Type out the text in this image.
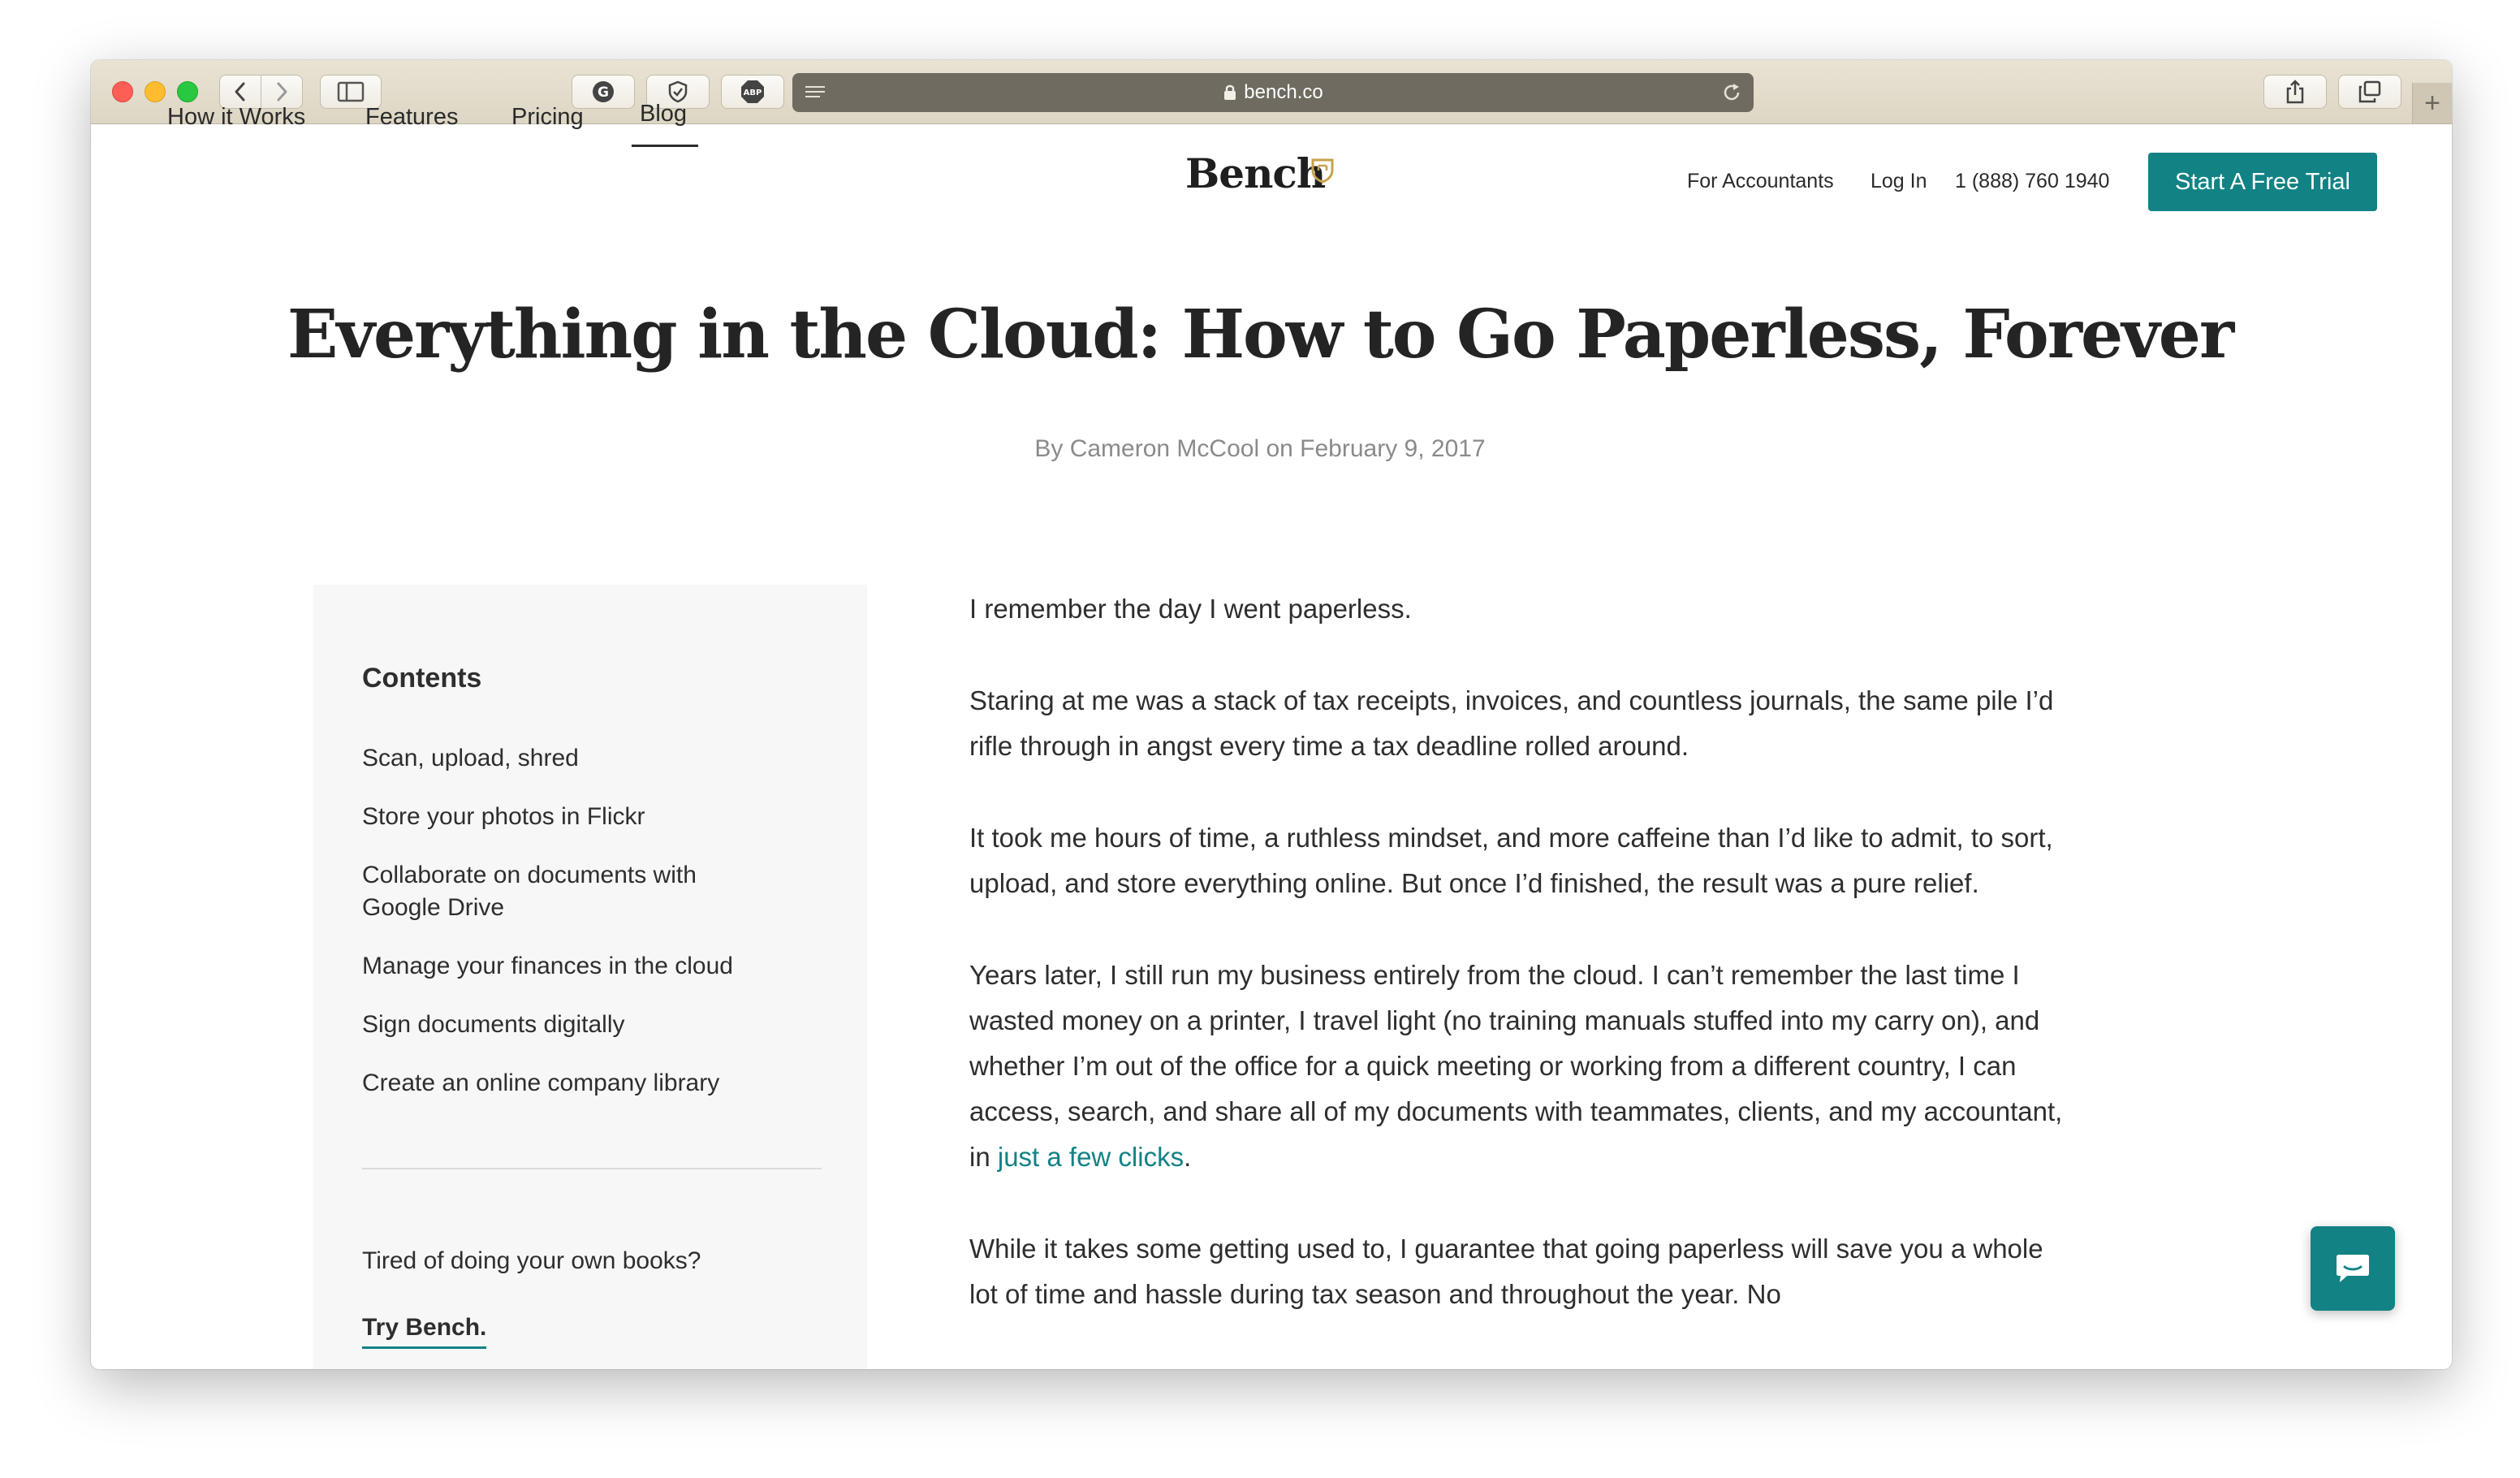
G	ABP	bench.co	+
How it Works	Features Pricing Blog
Bench	For Accountants Log In 1 (888) 760 1940	Start A Free Trial
Everything in the Cloud: How to Go Paperless, Forever
By Cameron McCool on February 9, 2017
Contents
Scan, upload, shred
Store your photos in Flickr
Collaborate on documents with Google Drive
Manage your finances in the cloud
Sign documents digitally
Create an online company library
Tired of doing your own books?
Try Bench.

I remember the day I went paperless.

Staring at me was a stack of tax receipts, invoices, and countless journals, the same pile I’d rifle through in angst every time a tax deadline rolled around.

It took me hours of time, a ruthless mindset, and more caffeine than I’d like to admit, to sort, upload, and store everything online. But once I’d finished, the result was a pure relief.

Years later, I still run my business entirely from the cloud. I can’t remember the last time I wasted money on a printer, I travel light (no training manuals stuffed into my carry on), and whether I’m out of the office for a quick meeting or working from a different country, I can access, search, and share all of my documents with teammates, clients, and my accountant, in just a few clicks.

While it takes some getting used to, I guarantee that going paperless will save you a whole lot of time and hassle during tax season and throughout the year. No
